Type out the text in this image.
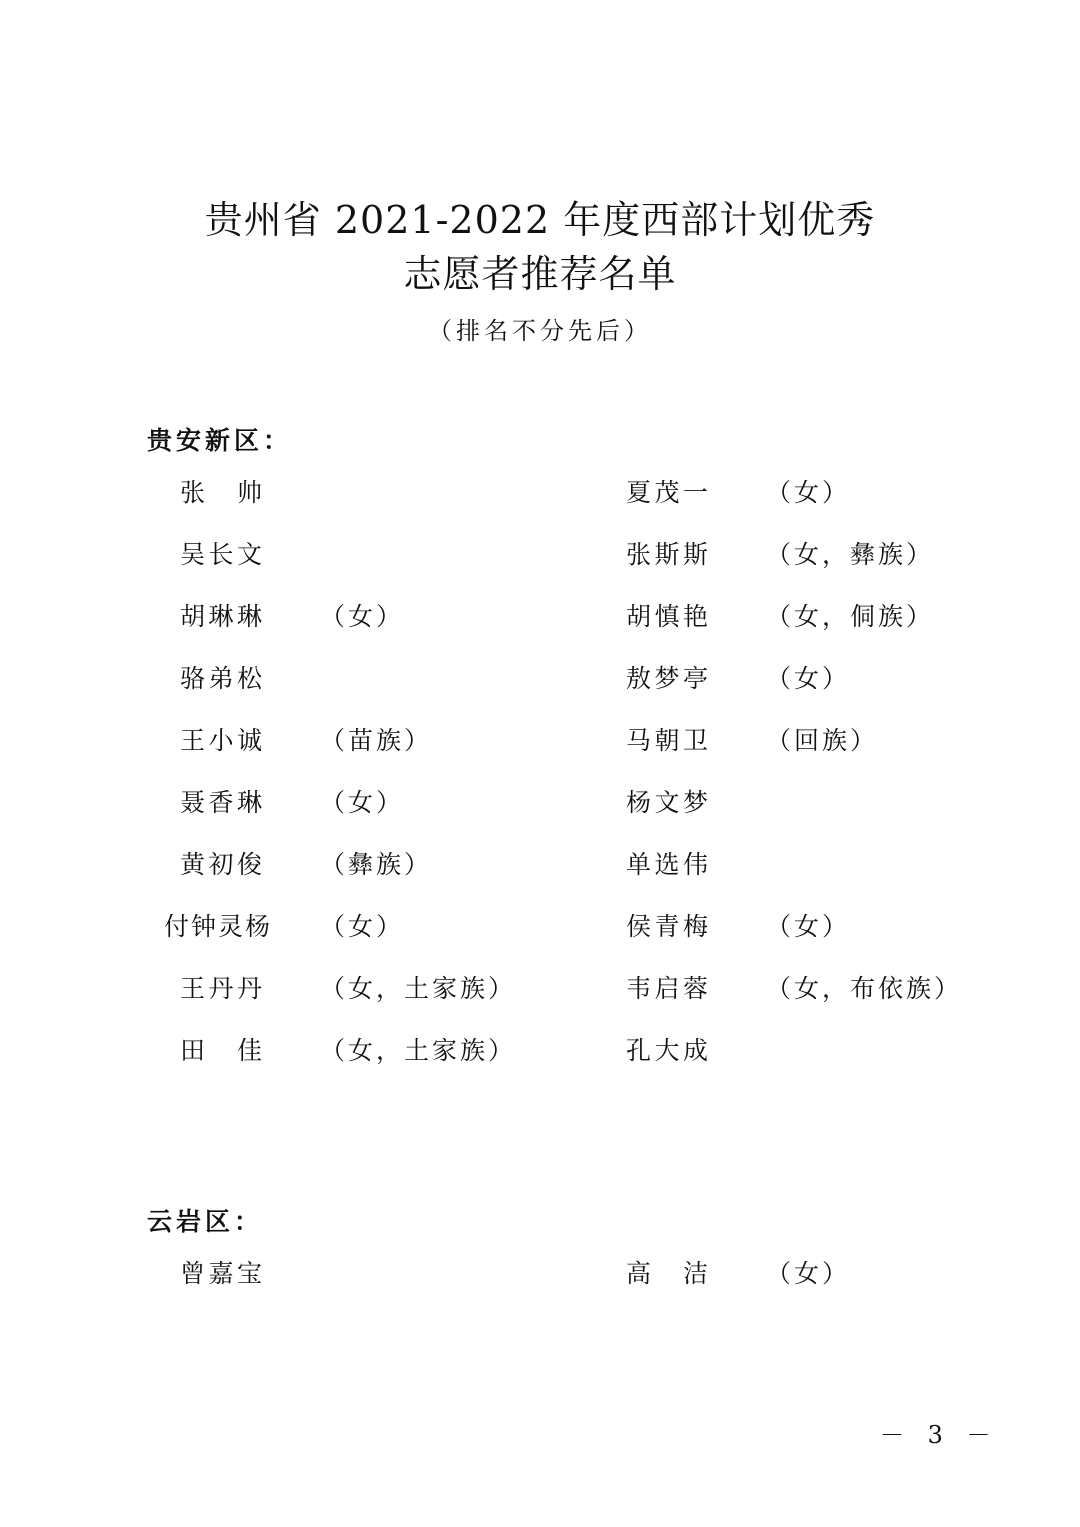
贵州省 2021-2022 年度西部计划优秀
志愿者推荐名单
（排名不分先后）
贵安新区：
张帅
吴长文
胡琳琳 （女）
骆弟松
王小诚 （苗族）
聂香琳 （女）
黄初俊 （彝族）
付钟灵杨 （女）
王丹丹 （女，土家族）
田佳 （女，土家族）
夏茂一 （女）
张斯斯 （女，彝族）
胡慎艳 （女，侗族）
敖梦亭 （女）
马朝卫 （回族）
杨文梦
单选伟
侯青梅 （女）
韦启蓉 （女，布依族）
孔大成
云岩区：
曾嘉宝	高洁 （女）
－ 3 －
